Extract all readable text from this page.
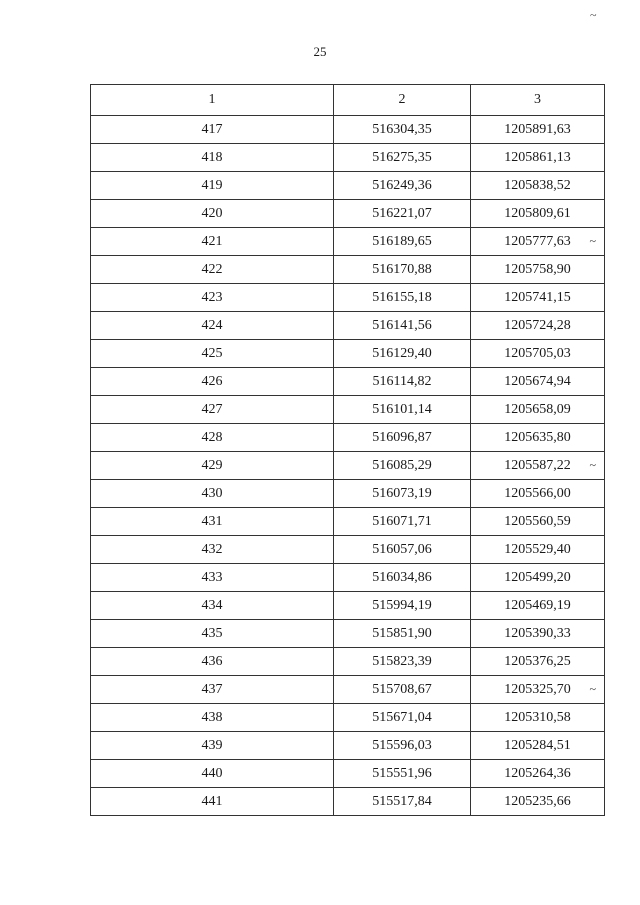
~
25
1	2	3
417	516304,35	1205891,63
418	516275,35	1205861,13
419	516249,36	1205838,52
420	516221,07	1205809,61
421	516189,65	1205777,63 ~

422	516170,88	1205758,90
423	516155,18	1205741,15
424	516141,56	1205724,28
425	516129,40	1205705,03
426	516114,82	1205674,94
427	516101,14	1205658,09
428	516096,87	1205635,80
429	516085,29	1205587,22 ~

430	516073,19	1205566,00
431	516071,71	1205560,59
432	516057,06	1205529,40
433	516034,86	1205499,20
434	515994,19	1205469,19
435	515851,90	1205390,33
436	515823,39	1205376,25
437	515708,67	1205325,70 ~

438	515671,04	1205310,58
439	515596,03	1205284,51
440	515551,96	1205264,36
441	515517,84	1205235,66
